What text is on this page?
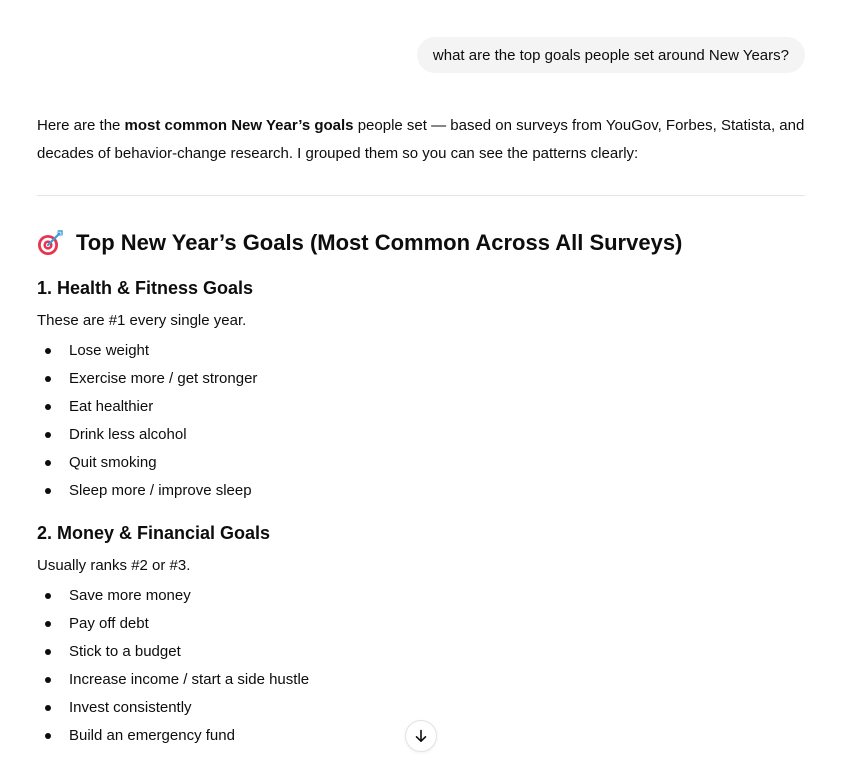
what are the top goals people set around New Years?

Here are the most common New Year’s goals people set — based on surveys from YouGov, Forbes, Statista, and decades of behavior-change research. I grouped them so you can see the patterns clearly:

Top New Year’s Goals (Most Common Across All Surveys)
1. Health & Fitness Goals

These are #1 every single year.

Lose weight
Exercise more / get stronger
Eat healthier
Drink less alcohol
Quit smoking
Sleep more / improve sleep
2. Money & Financial Goals

Usually ranks #2 or #3.

Save more money
Pay off debt
Stick to a budget
Increase income / start a side hustle
Invest consistently
Build an emergency fund
